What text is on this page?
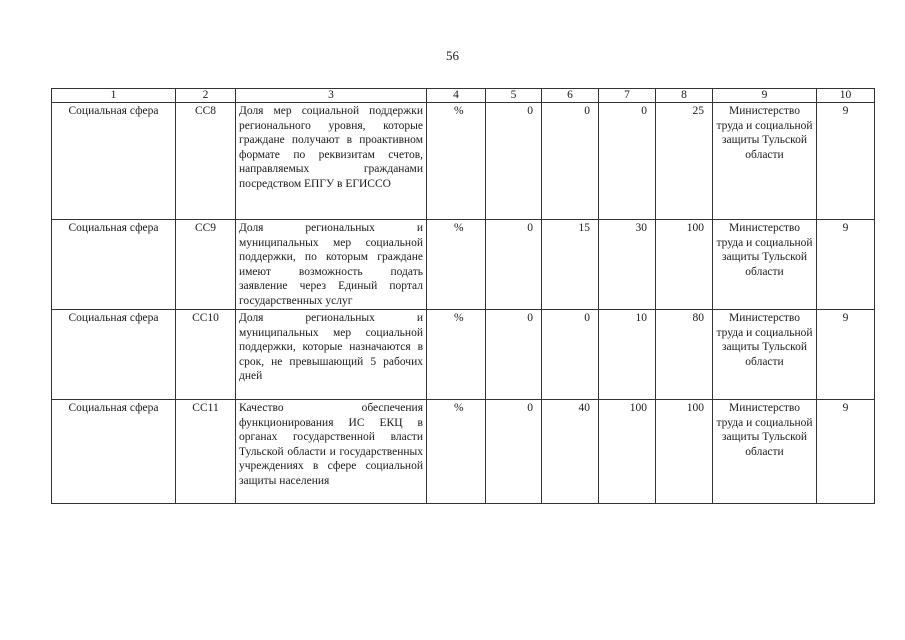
56
1	2	3	4	5	6	7	8	9	10
Социальная сфера	СС8	Доля мер социальной поддержки регионального уровня, которые граждане получают в проактивном формате по реквизитам счетов, направляемых гражданами посредством ЕПГУ в ЕГИССО	%	0	0	0	25	Министерство труда и социальной защиты Тульской области	9
Социальная сфера	СС9	Доля региональных и муниципальных мер социальной поддержки, по которым граждане имеют возможность подать заявление через Единый портал государственных услуг	%	0	15	30	100	Министерство труда и социальной защиты Тульской области	9
Социальная сфера	СС10	Доля региональных и муниципальных мер социальной поддержки, которые назначаются в срок, не превышающий 5 рабочих дней	%	0	0	10	80	Министерство труда и социальной защиты Тульской области	9
Социальная сфера	СС11	Качество обеспечения функционирования ИС ЕКЦ в органах государственной власти Тульской области и государственных учреждениях в сфере социальной защиты населения	%	0	40	100	100	Министерство труда и социальной защиты Тульской области	9
